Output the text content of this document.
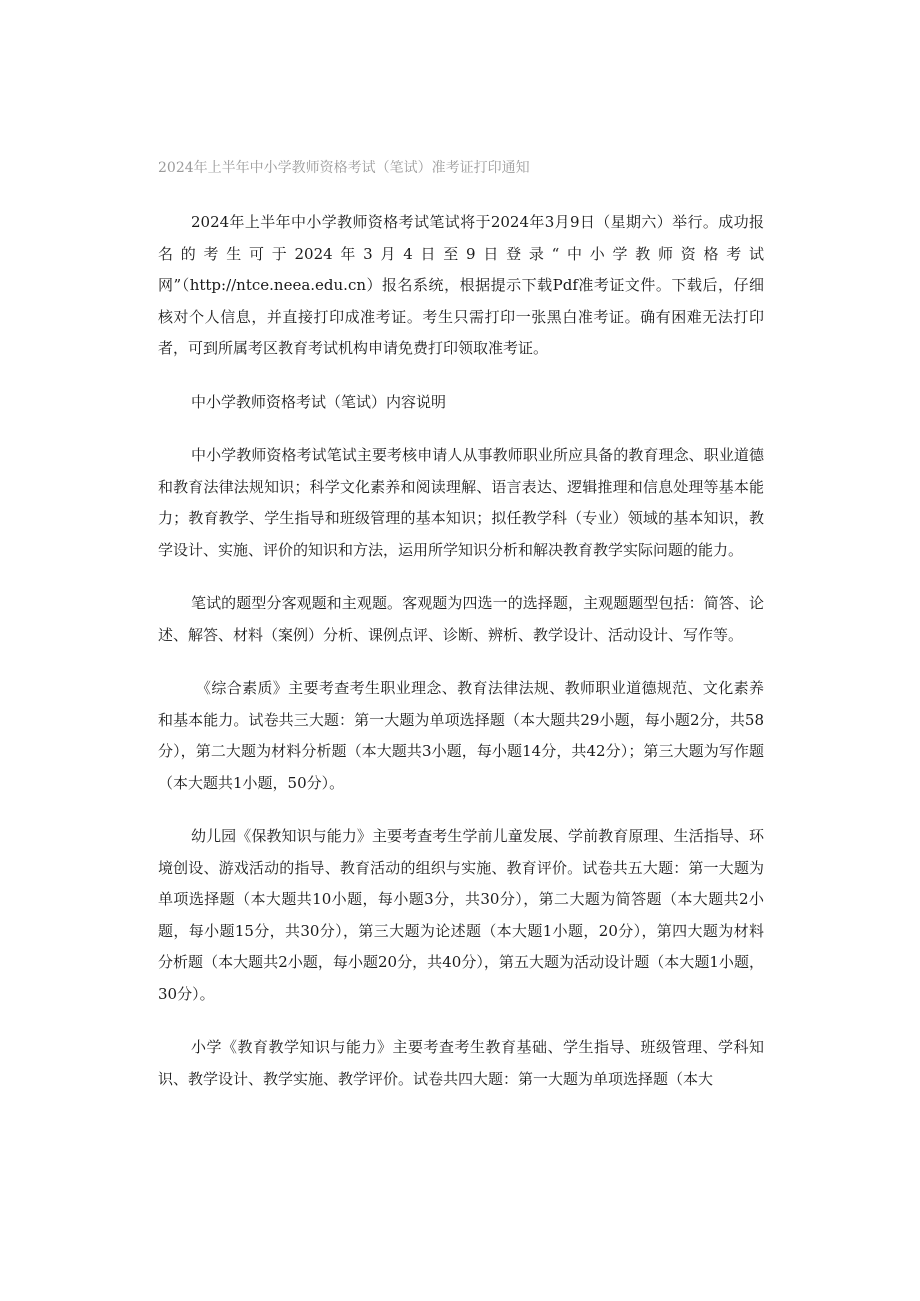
2024年上半年中小学教师资格考试（笔试）准考证打印通知

2024年上半年中小学教师资格考试笔试将于2024年3月9日（星期六）举行。成功报名的考生可于2024年3月4日至9日登录“中小学教师资格考试网”（http://ntce.neea.edu.cn）报名系统，根据提示下载Pdf准考证文件。下载后，仔细核对个人信息，并直接打印成准考证。考生只需打印一张黑白准考证。确有困难无法打印者，可到所属考区教育考试机构申请免费打印领取准考证。

中小学教师资格考试（笔试）内容说明

中小学教师资格考试笔试主要考核申请人从事教师职业所应具备的教育理念、职业道德和教育法律法规知识；科学文化素养和阅读理解、语言表达、逻辑推理和信息处理等基本能力；教育教学、学生指导和班级管理的基本知识；拟任教学科（专业）领域的基本知识，教学设计、实施、评价的知识和方法，运用所学知识分析和解决教育教学实际问题的能力。

笔试的题型分客观题和主观题。客观题为四选一的选择题，主观题题型包括：简答、论述、解答、材料（案例）分析、课例点评、诊断、辨析、教学设计、活动设计、写作等。

《综合素质》主要考查考生职业理念、教育法律法规、教师职业道德规范、文化素养和基本能力。试卷共三大题：第一大题为单项选择题（本大题共29小题，每小题2分，共58分），第二大题为材料分析题（本大题共3小题，每小题14分，共42分）；第三大题为写作题（本大题共1小题，50分）。

幼儿园《保教知识与能力》主要考查考生学前儿童发展、学前教育原理、生活指导、环境创设、游戏活动的指导、教育活动的组织与实施、教育评价。试卷共五大题：第一大题为单项选择题（本大题共10小题，每小题3分，共30分），第二大题为简答题（本大题共2小题，每小题15分，共30分），第三大题为论述题（本大题1小题，20分），第四大题为材料分析题（本大题共2小题，每小题20分，共40分），第五大题为活动设计题（本大题1小题，30分）。

小学《教育教学知识与能力》主要考查考生教育基础、学生指导、班级管理、学科知识、教学设计、教学实施、教学评价。试卷共四大题：第一大题为单项选择题（本大
